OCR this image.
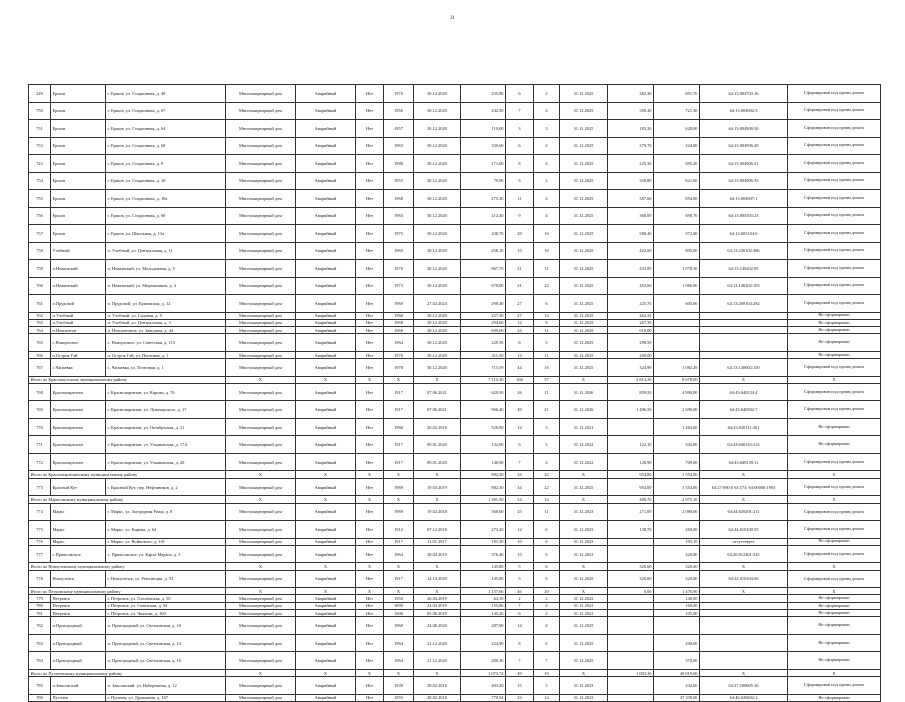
31
249	Ершов	г. Ершов, ул. Стадионная, д. 48	Многоквартирный дом	Аварийный	Нет	1970	30.12.2020	235,80	6	2	31.12.2025	382,30	691,70	64:13:004703:16	Сформирован под одним домом
750	Ершов	г. Ершов, ул. Стадионная, д. 67	Многоквартирный дом	Аварийный	Нет	1956	30.12.2020	242,50	7	4	31.12.2025	358,40	721,30	64:13:004902:3	Сформирован под одним домом
751	Ершов	г. Ершов, ул. Стадионная, д. 64	Многоквартирный дом	Аварийный	Нет	1957	30.12.2020	119,00	3	3	31.12.2025	183,20	628,00	64:13:004908:50	Сформирован под одним домом
753	Ершов	г. Ершов, ул. Стадионная, д. 68	Многоквартирный дом	Аварийный	Нет	1963	30.12.2020	330,60	6	2	31.12.2025	379,70	424,00	64:13:004906:29	Сформирован под одним домом
723	Ершов	г. Ершов, ул. Стадионная, д. 9	Многоквартирный дом	Аварийный	Нет	1980	30.12.2020	171,60	8	4	31.12.2025	225,30	695,20	64:13:004906:31	Сформирован под одним домом
754	Ершов	г. Ершов, ул. Стадионная, д. 10	Многоквартирный дом	Аварийный	Нет	1955	30.12.2020	79,90	3	2	31.12.2025	330,80	621,00	64:13:004906:35	Сформирован под одним домом
755	Ершов	г. Ершов, ул. Стадионная, д. 10а	Многоквартирный дом	Аварийный	Нет	1968	30.12.2020	275,30	11	4	31.12.2025	387,60	854,00	64:13:004907:1	Сформирован под одним домом
756	Ершов	г. Ершов, ул. Стадионная, д. 60	Многоквартирный дом	Аварийный	Нет	1963	30.12.2020	212,40	9	4	31.12.2025	368,00	690,70	64:13:005503:23	Сформирован под одним домом
757	Ершов	г. Ершов, ул. Школьная, д. 13а	Многоквартирный дом	Аварийный	Нет	1975	30.12.2020	438,70	28	16	31.12.2025	580,40	572,00	64:13:005104:6	Сформирован под одним домом
758	Учебный	п. Учебный, ул. Центральная, д. 11	Многоквартирный дом	Аварийный	Нет	1960	30.12.2020	458,10	15	10	31.12.2025	422,00	805,00	64:13:230102:306	Сформирован под одним домом
759	п.Нежинский	п. Нежинский, ул. Молодежная, д. 5	Многоквартирный дом	Аварийный	Нет	1970	30.12.2020	867,70	21	11	31.12.2025	433,85	1 078,50	64:13:140202:95	Сформирован под одним домом
760	п.Нежинский	п. Нежинский, ул. Мирошников, д. 4	Многоквартирный дом	Аварийный	Нет	1973	30.12.2020	678,00	31	22	31.12.2025	453,60	1 066,00	64:13:140202:103	Сформирован под одним домом
761	п.Прудовой	п. Прудовой, ул. Ершовская, д. 12	Многоквартирный дом	Аварийный	Нет	1960	27.02.2024	290,40	27	6	31.12.2025	225,76	605,00	64:13:200104:284	Сформирован под одним домом
762	п.Учебный	п. Учебный, ул. Садовая, д. 9	Многоквартирный дом	Аварийный	Нет	1960	30.12.2020	227,30	27	14	31.12.2025	262,34			Не сформирован
763	п.Учебный	п. Учебный, ул. Центральная, д. 3	Многоквартирный дом	Аварийный	Нет	1968	30.12.2020	294,60	12	8	31.12.2025	267,39			Не сформирован
764	п.Новоантон	п. Новоантонов, ул. Заводная, д. 44	Многоквартирный дом	Аварийный	Нет	1968	30.12.2020	609,60	24	11	31.12.2025	618,00			Не сформирован
765	с.Новорепное	с. Новорепное, ул. Советская, д. 113	Многоквартирный дом	Аварийный	Нет	1964	30.12.2020	229,50	6	3	31.12.2025	298,50			Не сформирован
766	п.Остров Гай	п. Остров Гай, ул. Почтовая, д. 1	Многоквартирный дом	Аварийный	Нет	1970	30.12.2020	211,50	13	11	31.12.2025	200,00			Не сформирован
767	с.Чапаевка	с. Чапаевка, ул. Почтовая, д. 1	Многоквартирный дом	Аварийный	Нет	1978	30.12.2020	715,59	44	16	31.12.2025	324,90	1 082,49	64:13:140602:150	Сформирован под одним домом
Итого по Краснокутскому муниципальному району			Х	Х	Х	Х	Х	7 115,30	160	57	Х	3 814,39	8 678,00	Х	Х
768	Краснопартизан	г. Краснопартизан, ул. Кирова, д. 76	Многоквартирный дом	Аварийный	Нет	1917	07.06.2021	629,50	26	11	31.12.2026	859,50	4 990,00	64:43:040134:4	Сформирован под одним домом
769	Краснопартизан	г. Краснопартизан, ул. Луначарского, д. 17	Многоквартирный дом	Аварийный	Нет	1917	07.06.2021	966,40	49	21	31.12.2026	1 496,50	2 690,00	64:43:040502:7	Сформирован под одним домом
770	Краснопартизан	г. Краснопартизан, ул. Октябрьская, д. 21	Многоквартирный дом	Аварийный	Нет	1960	20.02.2018	526,90	12	5	31.12.2021		1 263,00	64:43:020111:261	Не сформирован
771	Краснопартизан	г. Краснопартизан, ул. Ульяновская, д. 17А	Многоквартирный дом	Аварийный	Нет	1917	09.01.2020	132,00	6	3	31.12.2022	122,10	545,00	64:43:040145:214	Не сформирован
772	Краснопартизан	г. Краснопартизан, ул. Ульяновская, д. 20	Многоквартирный дом	Аварийный	Нет	1917	09.01.2020	140,90	7	4	31.12.2022	140,90	709,00	64:43:040139:11	Сформирован под одним домом
Итого по Краснопартизанскому муниципальному району			Х	Х	Х	Х	Х	882,50	34	22	Х	954,00	1 554,00	Х	Х
773	Красный Кут	г. Красный Кут, пер. Нефтяников, д. 2	Многоквартирный дом	Аварийный	Нет	1969	19.03.2019	882,50	34	22	31.12.2025	954,00	1 554,00	64:27:000:0 63:173; 64:00000:1903	Сформирован под одним домом
Итого по Марксовскому муниципальному району			Х	Х	Х	Х	Х	1 391,50	54	14	Х	409,70	2 975,10	Х	Х
774	Маркс	г. Маркс, ул. Загородная Роща, д. 8	Многоквартирный дом	Аварийный	Нет	1969	19.02.2018	560,60	25	11	31.12.2023	271,00	2 080,00	64:44:020201:211	Сформирован под одним домом
775	Маркс	г. Маркс, ул. Кирова, д. 64	Многоквартирный дом	Аварийный	Нет	1912	07.12.2018	273,20	12	6	31.12.2023	138,70	260,00	64:44:010100:55	Сформирован под одним домом
776	Маркс	г. Маркс, ул. Войнового, д. 161	Многоквартирный дом	Аварийный	Нет	1917	11.01.2017	181,30	10	6	31.12.2023		195,10	отсутствует	Не сформирован
777	с.Приволжское	с. Приволжское, ул. Карла Маркса, д. 3	Многоквартирный дом	Аварийный	Нет	1964	30.04.2019	376,40	15	6	31.12.2023		420,00	64:20:012401:545	Сформирован под одним домом
Итого по Новоузенскому муниципальному району			Х	Х	Х	Х	Х	145,80	5	6	Х	320,60	320,60	Х	Х
778	Новоузенск	г. Новоузенск, ул. Революции, д. 53	Многоквартирный дом	Аварийный	Нет	1917	14.10.2020	145,80	5	6	31.12.2025	320,60	320,60	64:22:010104:00	Сформирован под одним домом
Итого по Петровскому муниципальному району			Х	Х	Х	Х	Х	1 157,66	46	20	Х	0,00	1 476,90	Х	Х
779	Петровск	г. Петровск, ул. Гоголевская, д. 50	Многоквартирный дом	Аварийный	Нет	1950	26.04.2019	64,10	2	2	31.12.2022		140,00		Не сформирован
780	Петровск	г. Петровск, ул. Советская, д. 94	Многоквартирный дом	Аварийный	Нет	1890	24.04.2019	155,86	7	2	31.12.2022		160,00		Не сформирован
781	Петровск	г. Петровск, ул. Чкалова, д. 160	Многоквартирный дом	Аварийный	Нет	1906	05.06.2019	145,20	6	2	31.12.2022		105,00		Не сформирован
782	п.Пригородный	п. Пригородный, ул. Светлинская, д. 10	Многоквартирный дом	Аварийный	Нет	1960	24.08.2020	287,90	14	4	31.12.2025				Не сформирован
783	п.Пригородный	п. Пригородный, ул. Светлинская, д. 14	Многоквартирный дом	Аварийный	Нет	1964	21.12.2020	224,90	8	6	31.12.2025		290,00		Не сформирован
784	п.Пригородный	п. Пригородный, ул. Светлинская, д. 16	Многоквартирный дом	Аварийный	Нет	1964	21.12.2020	280,30	7	7	31.12.2025		370,00		Не сформирован
Итого по Пугачевскому муниципальному району			Х	Х	Х	Х	Х	1 073,74	49	19	Х	1 003,30	40 019,00	Х	Х
785	п.Заволжский	п. Заволжский, ул. Набережная, д. 12	Многоквартирный дом	Аварийный	Нет	1939	28.02.2018	403,20	15	5	31.12.2023		432,00	64:27:180605:16	Сформирован под одним домом
786	Пугачев	г. Пугачев, ул. Дрожжина, д. 167	Многоквартирный дом	Аварийный	Нет	1955	28.02.2018	770,54	33	14	31.12.2023		37 339,00	64:46:020602:3	Не сформирован
